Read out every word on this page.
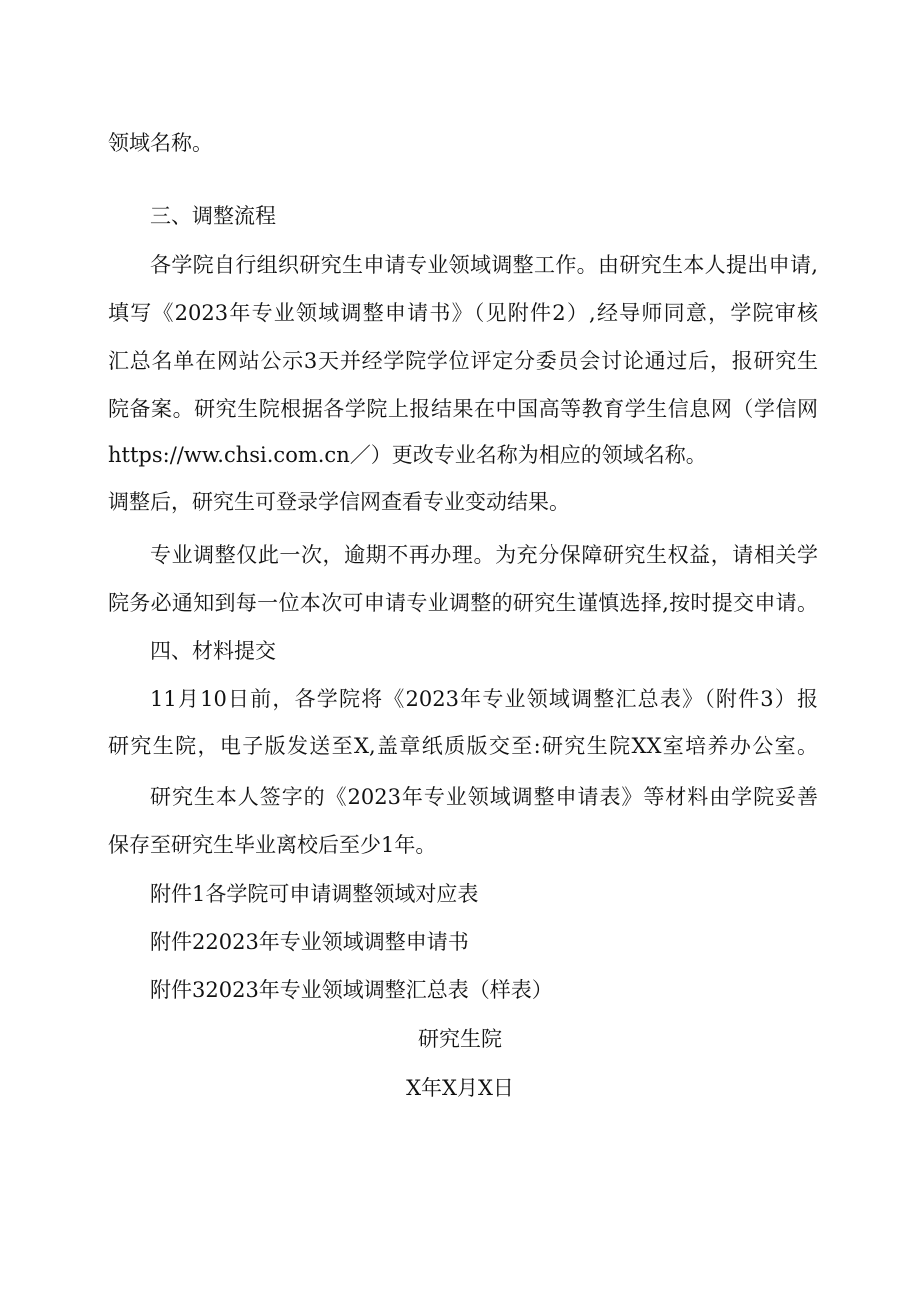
领域名称。
三、调整流程
各学院自行组织研究生申请专业领域调整工作。由研究生本人提出申请,
填写《2023年专业领域调整申请书》（见附件2）,经导师同意，学院审核
汇总名单在网站公示3天并经学院学位评定分委员会讨论通过后，报研究生
院备案。研究生院根据各学院上报结果在中国高等教育学生信息网（学信网
https://ww.chsi.com.cn／）更改专业名称为相应的领域名称。
调整后，研究生可登录学信网查看专业变动结果。
专业调整仅此一次，逾期不再办理。为充分保障研究生权益，请相关学
院务必通知到每一位本次可申请专业调整的研究生谨慎选择,按时提交申请。
四、材料提交
11月10日前，各学院将《2023年专业领域调整汇总表》（附件3）报
研究生院，电子版发送至X,盖章纸质版交至:研究生院XX室培养办公室。
研究生本人签字的《2023年专业领域调整申请表》等材料由学院妥善
保存至研究生毕业离校后至少1年。
附件1各学院可申请调整领域对应表
附件22023年专业领域调整申请书
附件32023年专业领域调整汇总表（样表）
研究生院
X年X月X日
